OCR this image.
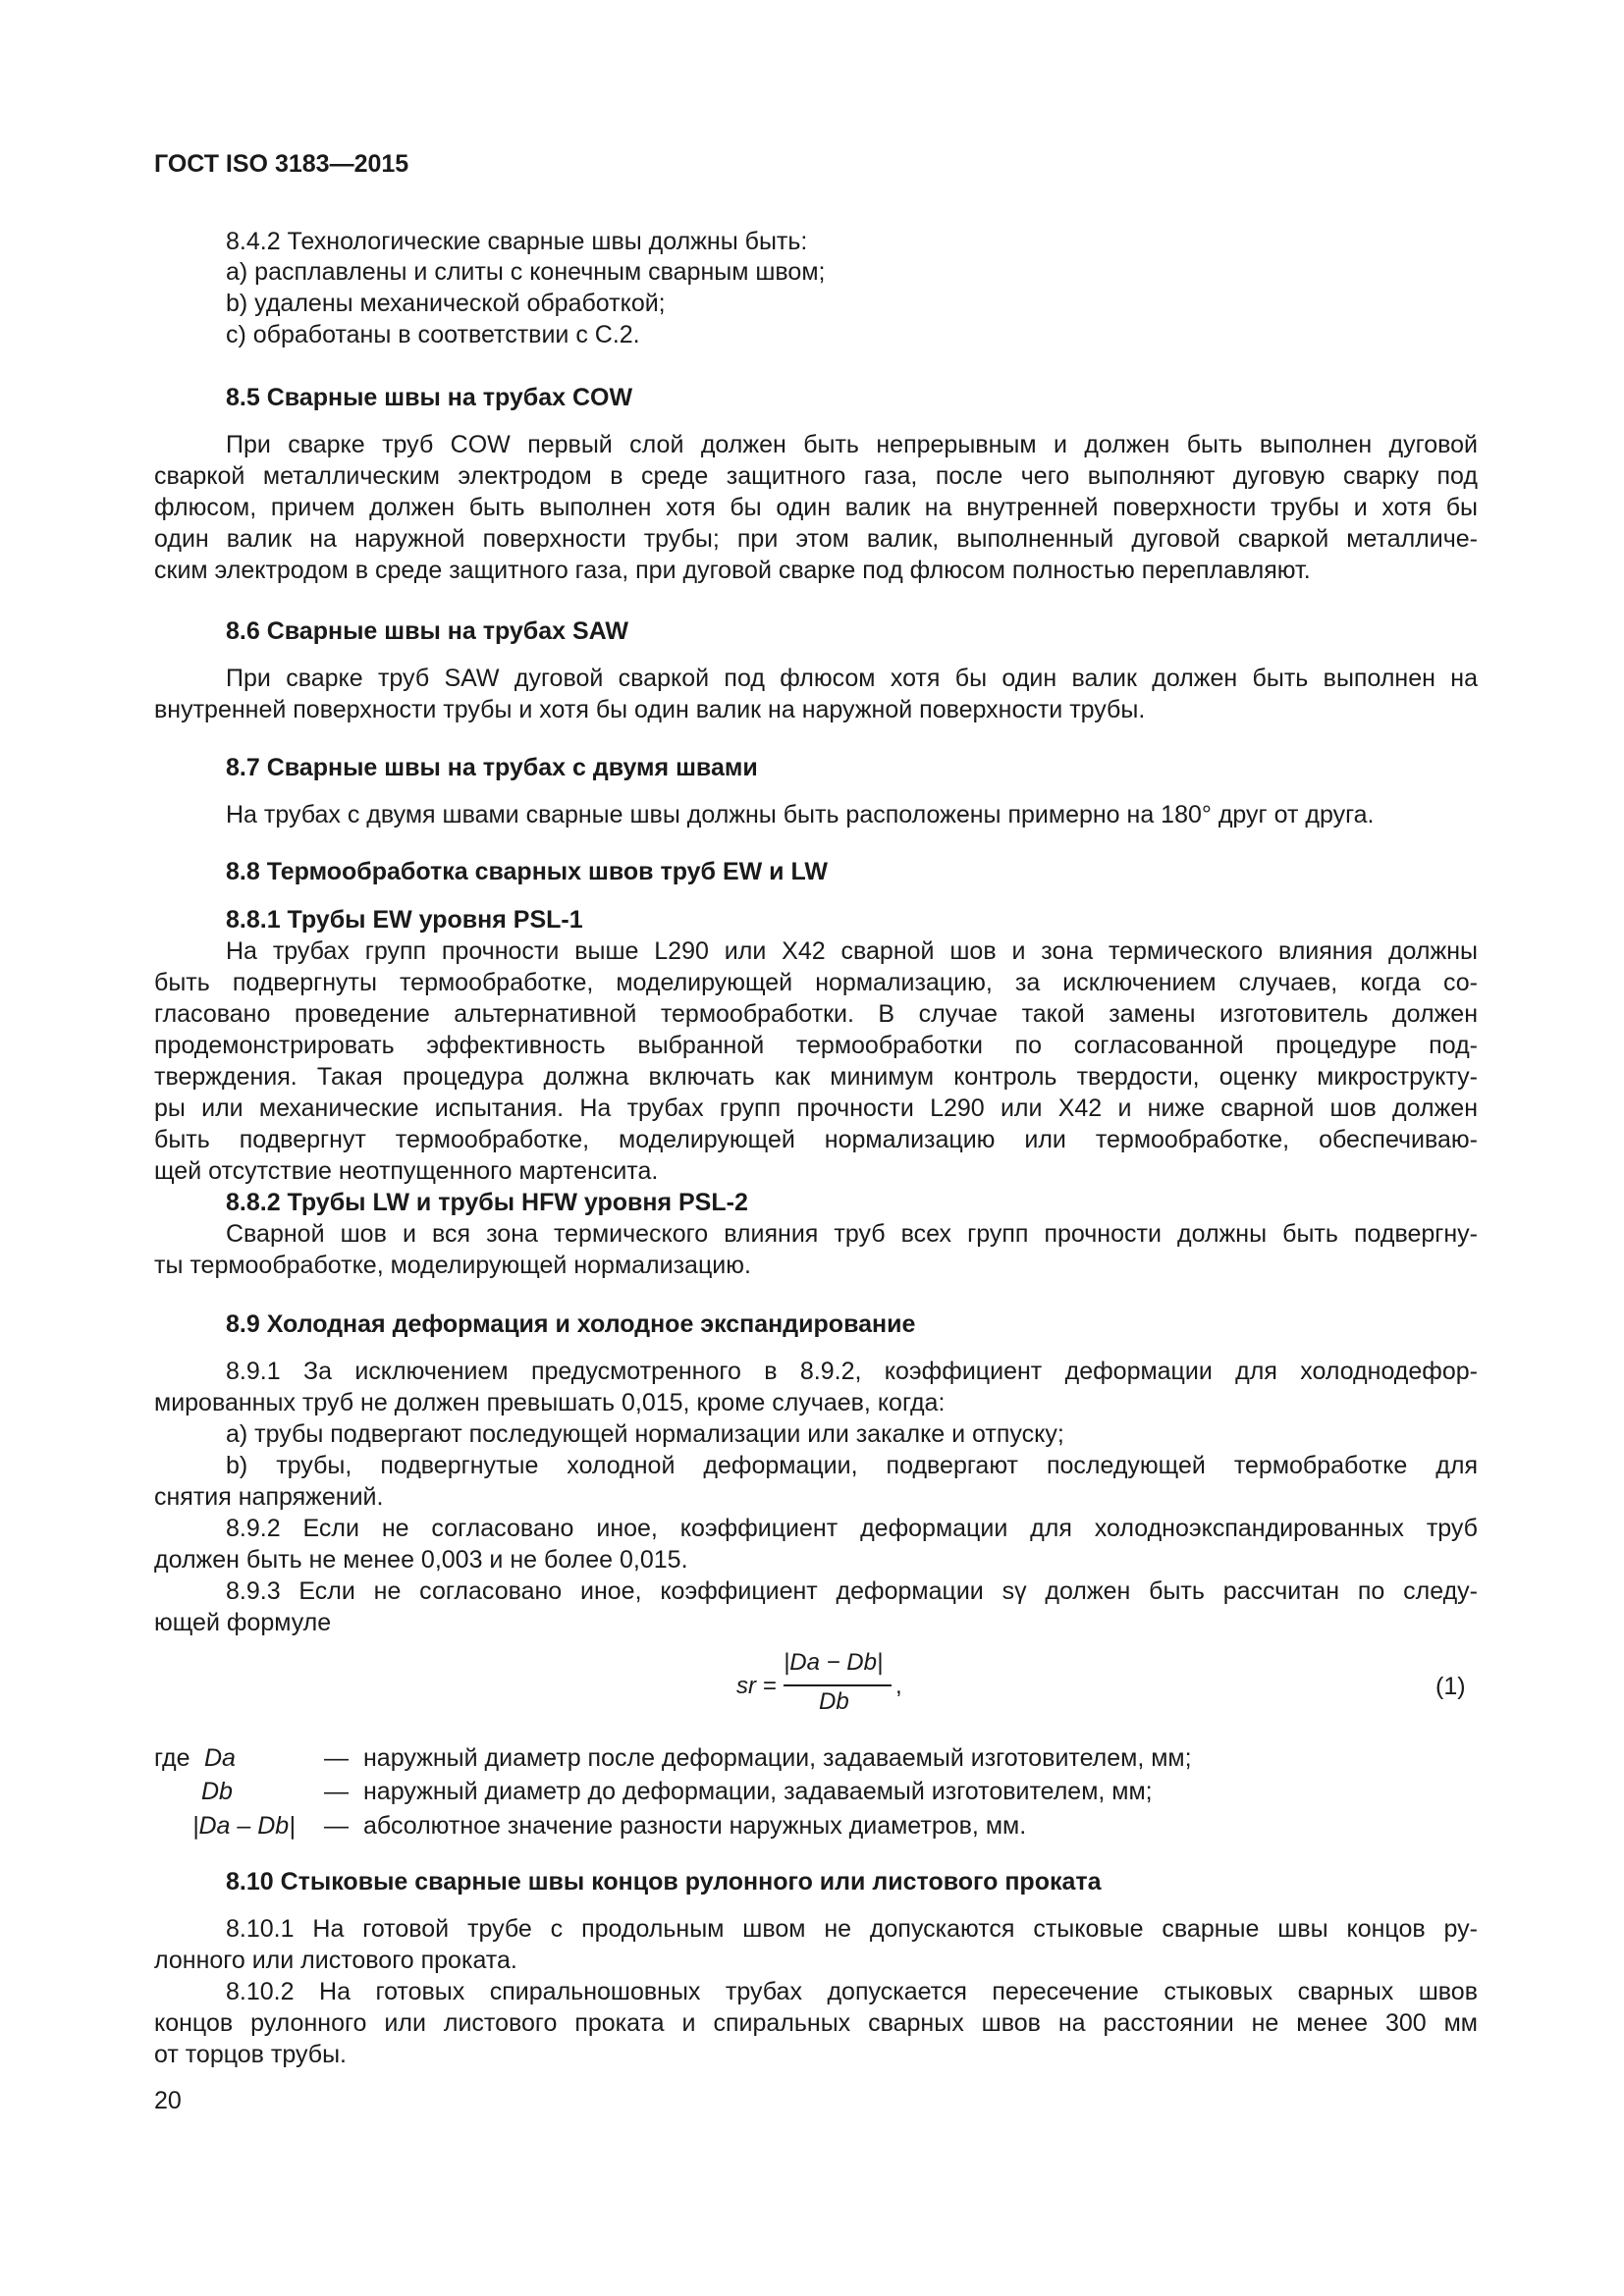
ГОСТ ISO 3183—2015
8.4.2 Технологические сварные швы должны быть:
a) расплавлены и слиты с конечным сварным швом;
b) удалены механической обработкой;
c) обработаны в соответствии с С.2.
8.5 Сварные швы на трубах COW
При сварке труб COW первый слой должен быть непрерывным и должен быть выполнен дуговой
сваркой металлическим электродом в среде защитного газа, после чего выполняют дуговую сварку под
флюсом, причем должен быть выполнен хотя бы один валик на внутренней поверхности трубы и хотя бы
один валик на наружной поверхности трубы; при этом валик, выполненный дуговой сваркой металличе-
ским электродом в среде защитного газа, при дуговой сварке под флюсом полностью переплавляют.
8.6 Сварные швы на трубах SAW
При сварке труб SAW дуговой сваркой под флюсом хотя бы один валик должен быть выполнен на
внутренней поверхности трубы и хотя бы один валик на наружной поверхности трубы.
8.7 Сварные швы на трубах с двумя швами
На трубах с двумя швами сварные швы должны быть расположены примерно на 180° друг от друга.
8.8 Термообработка сварных швов труб EW и LW
8.8.1 Трубы EW уровня PSL-1
На трубах групп прочности выше L290 или X42 сварной шов и зона термического влияния должны
быть подвергнуты термообработке, моделирующей нормализацию, за исключением случаев, когда со-
гласовано проведение альтернативной термообработки. В случае такой замены изготовитель должен
продемонстрировать эффективность выбранной термообработки по согласованной процедуре под-
тверждения. Такая процедура должна включать как минимум контроль твердости, оценку микрострукту-
ры или механические испытания. На трубах групп прочности L290 или X42 и ниже сварной шов должен
быть подвергнут термообработке, моделирующей нормализацию или термообработке, обеспечиваю-
щей отсутствие неотпущенного мартенсита.
8.8.2 Трубы LW и трубы HFW уровня PSL-2
Сварной шов и вся зона термического влияния труб всех групп прочности должны быть подвергну-
ты термообработке, моделирующей нормализацию.
8.9 Холодная деформация и холодное экспандирование
8.9.1 За исключением предусмотренного в 8.9.2, коэффициент деформации для холоднодефор-
мированных труб не должен превышать 0,015, кроме случаев, когда:
a) трубы подвергают последующей нормализации или закалке и отпуску;
b) трубы, подвергнутые холодной деформации, подвергают последующей термобработке для
снятия напряжений.
8.9.2 Если не согласовано иное, коэффициент деформации для холодноэкспандированных труб
должен быть не менее 0,003 и не более 0,015.
8.9.3 Если не согласовано иное, коэффициент деформации sγ должен быть рассчитан по следу-
ющей формуле
sr =
|Da − Db|
Db
,	(1)
где Da	— наружный диаметр после деформации, задаваемый изготовителем, мм;
Db	— наружный диаметр до деформации, задаваемый изготовителем, мм;
|Da – Db| — абсолютное значение разности наружных диаметров, мм.
8.10 Стыковые сварные швы концов рулонного или листового проката
8.10.1 На готовой трубе с продольным швом не допускаются стыковые сварные швы концов ру-
лонного или листового проката.
8.10.2 На готовых спиральношовных трубах допускается пересечение стыковых сварных швов
концов рулонного или листового проката и спиральных сварных швов на расстоянии не менее 300 мм
от торцов трубы.
20
